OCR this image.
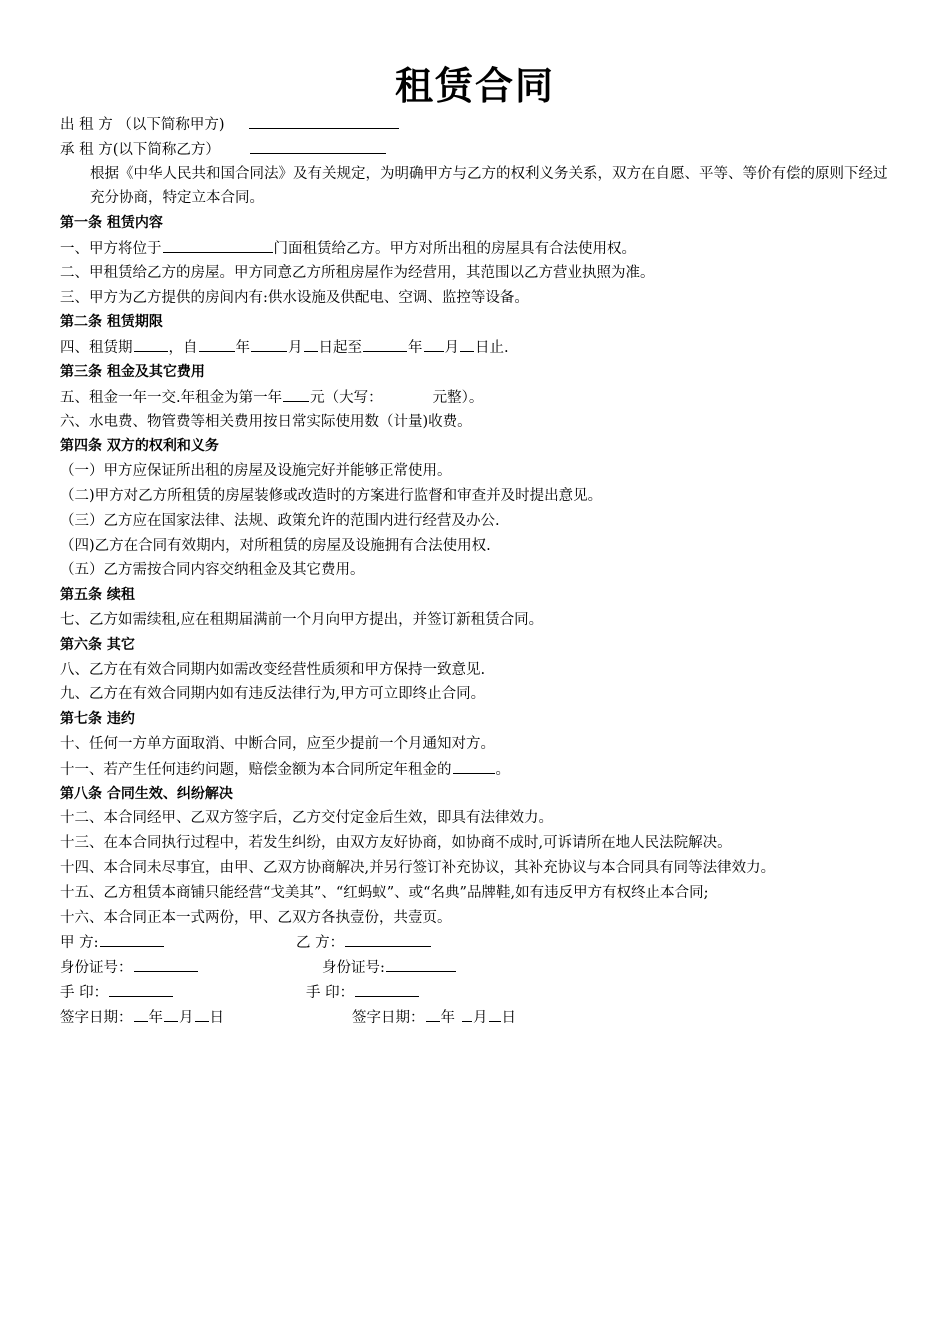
租赁合同
出 租 方 （以下简称甲方)
承 租 方(以下简称乙方）
根据《中华人民共和国合同法》及有关规定，为明确甲方与乙方的权利义务关系，双方在自愿、平等、等价有偿的原则下经过充分协商，特定立本合同。
第一条 租赁内容
一、甲方将位于	门面租赁给乙方。甲方对所出租的房屋具有合法使用权。
二、甲租赁给乙方的房屋。甲方同意乙方所租房屋作为经营用，其范围以乙方营业执照为准。
三、甲方为乙方提供的房间内有:供水设施及供配电、空调、监控等设备。
第二条 租赁期限
四、租赁期 ，自	年	月 日起至	年 月 日止.
第三条 租金及其它费用
五、租金一年一交.年租金为第一年 元（大写：	元整）。
六、水电费、物管费等相关费用按日常实际使用数（计量)收费。
第四条 双方的权利和义务
（一）甲方应保证所出租的房屋及设施完好并能够正常使用。
（二)甲方对乙方所租赁的房屋装修或改造时的方案进行监督和审查并及时提出意见。
（三）乙方应在国家法律、法规、政策允许的范围内进行经营及办公.
（四)乙方在合同有效期内，对所租赁的房屋及设施拥有合法使用权.
（五）乙方需按合同内容交纳租金及其它费用。
第五条 续租
七、乙方如需续租,应在租期届满前一个月向甲方提出，并签订新租赁合同。
第六条 其它
八、乙方在有效合同期内如需改变经营性质须和甲方保持一致意见.
九、乙方在有效合同期内如有违反法律行为,甲方可立即终止合同。
第七条 违约
十、任何一方单方面取消、中断合同，应至少提前一个月通知对方。
十一、若产生任何违约问题，赔偿金额为本合同所定年租金的	。
第八条 合同生效、纠纷解决
十二、本合同经甲、乙双方签字后，乙方交付定金后生效，即具有法律效力。
十三、在本合同执行过程中，若发生纠纷，由双方友好协商，如协商不成时,可诉请所在地人民法院解决。
十四、本合同未尽事宜，由甲、乙双方协商解决,并另行签订补充协议，其补充协议与本合同具有同等法律效力。
十五、乙方租赁本商铺只能经营“戈美其”、“红蚂蚁”、或“名典”品牌鞋,如有违反甲方有权终止本合同;
十六、本合同正本一式两份，甲、乙双方各执壹份，共壹页。
甲 方:	乙 方：
身份证号：	身份证号:
手 印：	手 印：
签字日期： 年 月 日	签字日期： 年 月 日
